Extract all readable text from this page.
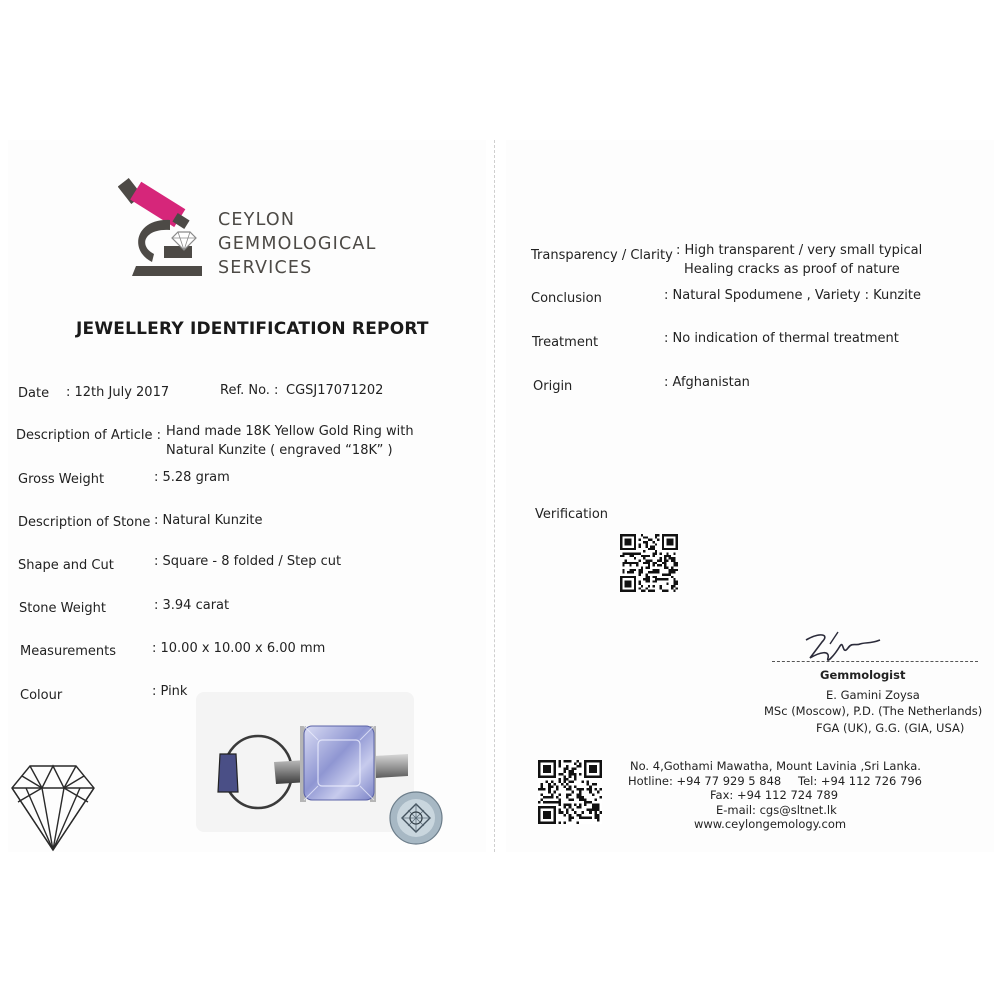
CEYLON
GEMMOLOGICAL
SERVICES
JEWELLERY IDENTIFICATION REPORT
Date : 12th July 2017	Ref. No. : CGSJ17071202
Description of Article : Hand made 18K Yellow Gold Ring with
Natural Kunzite ( engraved “18K” )
Gross Weight	: 5.28 gram
Description of Stone : Natural Kunzite
Shape and Cut	: Square - 8 folded / Step cut
Stone Weight	: 3.94 carat
Measurements	: 10.00 x 10.00 x 6.00 mm
Colour	: Pink
Transparency / Clarity : High transparent / very small typical
Healing cracks as proof of nature
Conclusion	: Natural Spodumene , Variety : Kunzite
Treatment	: No indication of thermal treatment
Origin	: Afghanistan
Verification
Gemmologist
E. Gamini Zoysa
MSc (Moscow), P.D. (The Netherlands)
FGA (UK), G.G. (GIA, USA)
No. 4,Gothami Mawatha, Mount Lavinia ,Sri Lanka.
Hotline: +94 77 929 5 848 Tel: +94 112 726 796
Fax: +94 112 724 789
E-mail: cgs@sltnet.lk
www.ceylongemology.com
